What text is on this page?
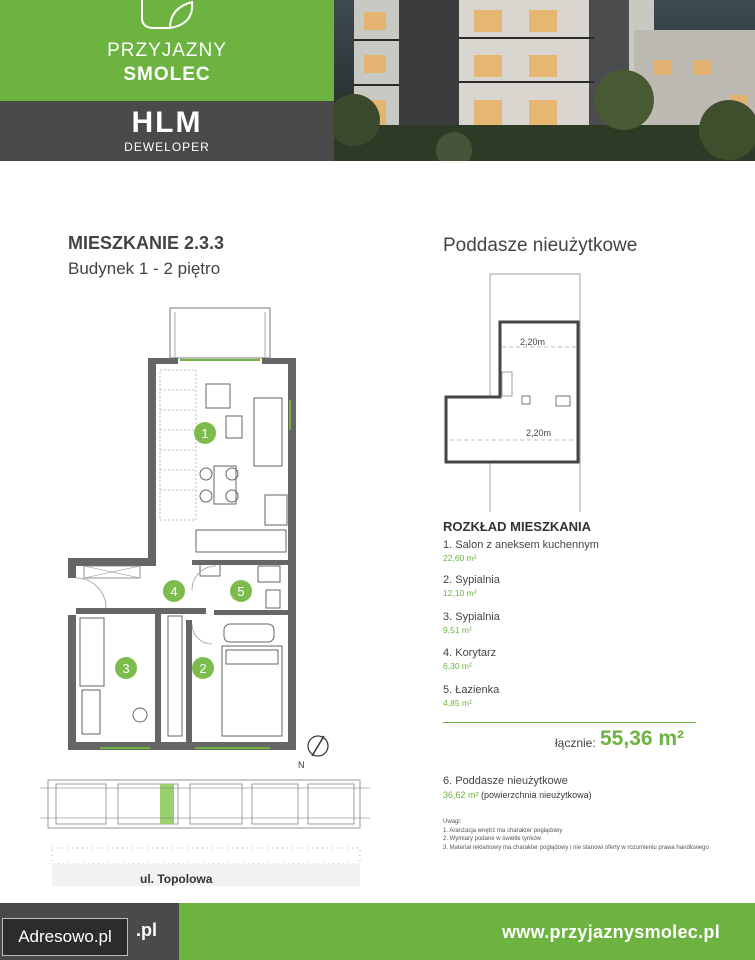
PRZYJAZNY
SMOLEC
HLM
DEWELOPER
MIESZKANIE 2.3.3
Budynek 1 - 2 piętro
Poddasze nieużytkowe
1
2
3
4	5
N
ul. Topolowa
2,20m
2,20m
ROZKŁAD MIESZKANIA
1. Salon z aneksem kuchennym
22,60 m²
2. Sypialnia
12,10 m²
3. Sypialnia
9,51 m²
4. Korytarz
6,30 m²
5. Łazienka
4,85 m²
łącznie: 55,36 m²
6. Poddasze nieużytkowe
36,62 m² (powierzchnia nieużytkowa)
Uwagi:
1. Aranżacja wnętrz ma charakter poglądowy
2. Wymiary podane w świetle tynków
3. Materiał reklamowy ma charakter poglądowy i nie stanowi oferty w rozumieniu prawa handlowego
.pl	www.przyjaznysmolec.pl
Adresowo.pl
